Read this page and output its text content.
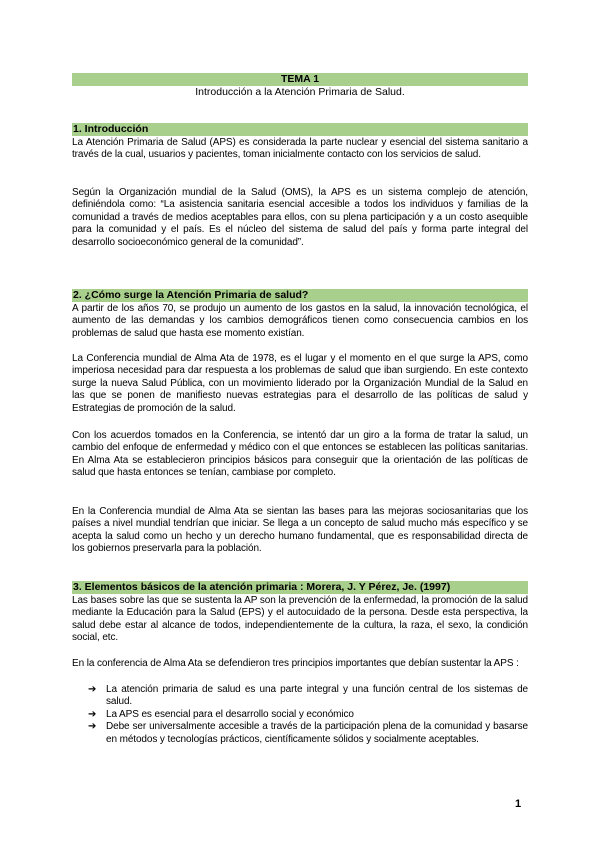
TEMA 1
Introducción a la Atención Primaria de Salud.
1. Introducción

La Atención Primaria de Salud (APS) es considerada la parte nuclear y esencial del sistema sanitario a través de la cual, usuarios y pacientes, toman inicialmente contacto con los servicios de salud.

Según la Organización mundial de la Salud (OMS), la APS es un sistema complejo de atención, definiéndola como: “La asistencia sanitaria esencial accesible a todos los individuos y familias de la comunidad a través de medios aceptables para ellos, con su plena participación y a un costo asequible para la comunidad y el país. Es el núcleo del sistema de salud del país y forma parte integral del desarrollo socioeconómico general de la comunidad”.

2. ¿Cómo surge la Atención Primaria de salud?

A partir de los años 70, se produjo un aumento de los gastos en la salud, la innovación tecnológica, el aumento de las demandas y los cambios demográficos tienen como consecuencia cambios en los problemas de salud que hasta ese momento existían.

La Conferencia mundial de Alma Ata de 1978, es el lugar y el momento en el que surge la APS, como imperiosa necesidad para dar respuesta a los problemas de salud que iban surgiendo. En este contexto surge la nueva Salud Pública, con un movimiento liderado por la Organización Mundial de la Salud en las que se ponen de manifiesto nuevas estrategias para el desarrollo de las políticas de salud y Estrategias de promoción de la salud.

Con los acuerdos tomados en la Conferencia, se intentó dar un giro a la forma de tratar la salud, un cambio del enfoque de enfermedad y médico con el que entonces se establecen las políticas sanitarias. En Alma Ata se establecieron principios básicos para conseguir que la orientación de las políticas de salud que hasta entonces se tenían, cambiase por completo.

En la Conferencia mundial de Alma Ata se sientan las bases para las mejoras sociosanitarias que los países a nivel mundial tendrían que iniciar. Se llega a un concepto de salud mucho más específico y se acepta la salud como un hecho y un derecho humano fundamental, que es responsabilidad directa de los gobiernos preservarla para la población.

3. Elementos básicos de la atención primaria : Morera, J. Y Pérez, Je. (1997)

Las bases sobre las que se sustenta la AP son la prevención de la enfermedad, la promoción de la salud mediante la Educación para la Salud (EPS) y el autocuidado de la persona. Desde esta perspectiva, la salud debe estar al alcance de todos, independientemente de la cultura, la raza, el sexo, la condición social, etc.

En la conferencia de Alma Ata se defendieron tres principios importantes que debían sustentar la APS :

➔ La atención primaria de salud es una parte integral y una función central de los sistemas de salud.
➔ La APS es esencial para el desarrollo social y económico
➔ Debe ser universalmente accesible a través de la participación plena de la comunidad y basarse en métodos y tecnologías prácticos, científicamente sólidos y socialmente aceptables.
1
